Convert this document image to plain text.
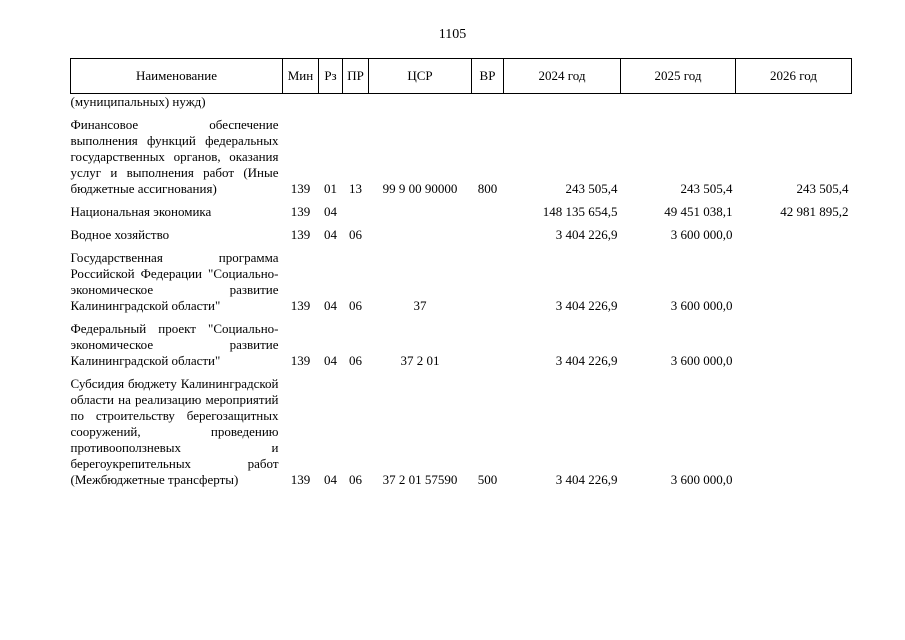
1105
Наименование	Мин	Рз	ПР	ЦСР	ВР	2024 год	2025 год	2026 год
(муниципальных) нужд)								

Финансовое обеспечение выполнения функций федеральных государственных органов, оказания услуг и выполнения работ (Иные бюджетные ассигнования)	139	01	13	99 9 00 90000	800	243 505,4	243 505,4	243 505,4

Национальная экономика	139	04				148 135 654,5	49 451 038,1	42 981 895,2

Водное хозяйство	139	04	06			3 404 226,9	3 600 000,0	

Государственная программа Российской Федерации "Социально-экономическое развитие Калининградской области"	139	04	06	37		3 404 226,9	3 600 000,0	

Федеральный проект "Социально-экономическое развитие Калининградской области"	139	04	06	37 2 01		3 404 226,9	3 600 000,0	

Субсидия бюджету Калининградской области на реализацию мероприятий по строительству берегозащитных сооружений, проведению противооползневых и берегоукрепительных работ (Межбюджетные трансферты)	139	04	06	37 2 01 57590	500	3 404 226,9	3 600 000,0	
